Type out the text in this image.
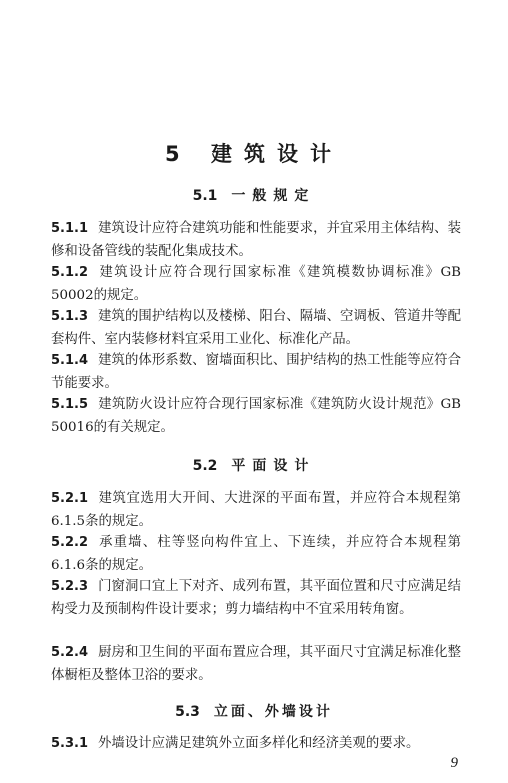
5 建筑设计
5.1 一般规定
5.1.1 建筑设计应符合建筑功能和性能要求，并宜采用主体结构、装修和设备管线的装配化集成技术。
5.1.2 建筑设计应符合现行国家标准《建筑模数协调标准》GB 50002的规定。
5.1.3 建筑的围护结构以及楼梯、阳台、隔墙、空调板、管道井等配套构件、室内装修材料宜采用工业化、标准化产品。
5.1.4 建筑的体形系数、窗墙面积比、围护结构的热工性能等应符合节能要求。
5.1.5 建筑防火设计应符合现行国家标准《建筑防火设计规范》GB 50016的有关规定。
5.2 平面设计
5.2.1 建筑宜选用大开间、大进深的平面布置，并应符合本规程第6.1.5条的规定。
5.2.2 承重墙、柱等竖向构件宜上、下连续，并应符合本规程第6.1.6条的规定。
5.2.3 门窗洞口宜上下对齐、成列布置，其平面位置和尺寸应满足结构受力及预制构件设计要求；剪力墙结构中不宜采用转角窗。
5.2.4 厨房和卫生间的平面布置应合理，其平面尺寸宜满足标准化整体橱柜及整体卫浴的要求。
5.3 立面、外墙设计
5.3.1 外墙设计应满足建筑外立面多样化和经济美观的要求。
9
